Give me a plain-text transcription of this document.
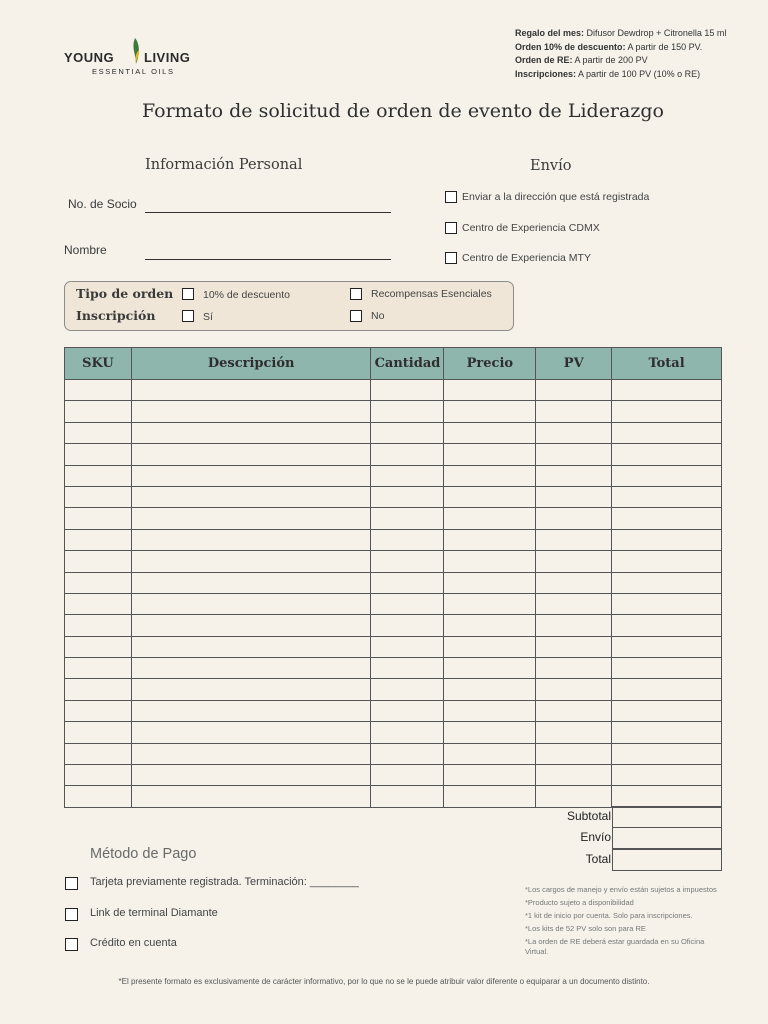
YOUNG LIVING
ESSENTIAL OILS
Regalo del mes: Difusor Dewdrop + Citronella 15 ml
Orden 10% de descuento: A partir de 150 PV.
Orden de RE: A partir de 200 PV
Inscripciones: A partir de 100 PV (10% o RE)
Formato de solicitud de orden de evento de Liderazgo
Información Personal
No. de Socio
Nombre
Envío
Enviar a la dirección que está registrada
Centro de Experiencia CDMX
Centro de Experiencia MTY
Tipo de orden
Inscripción
10% de descuento	Recompensas Esenciales
Sí	No
SKU	Descripción	Cantidad	Precio	PV	Total

Subtotal
Envío
Total
Método de Pago
Tarjeta previamente registrada. Terminación: ________
Link de terminal Diamante
Crédito en cuenta
*Los cargos de manejo y envío están sujetos a impuestos
*Producto sujeto a disponibilidad
*1 kit de inicio por cuenta. Solo para inscripciones.
*Los kits de 52 PV solo son para RE
*La orden de RE deberá estar guardada en su Oficina Virtual.
*El presente formato es exclusivamente de carácter informativo, por lo que no se le puede atribuir valor diferente o equiparar a un documento distinto.
